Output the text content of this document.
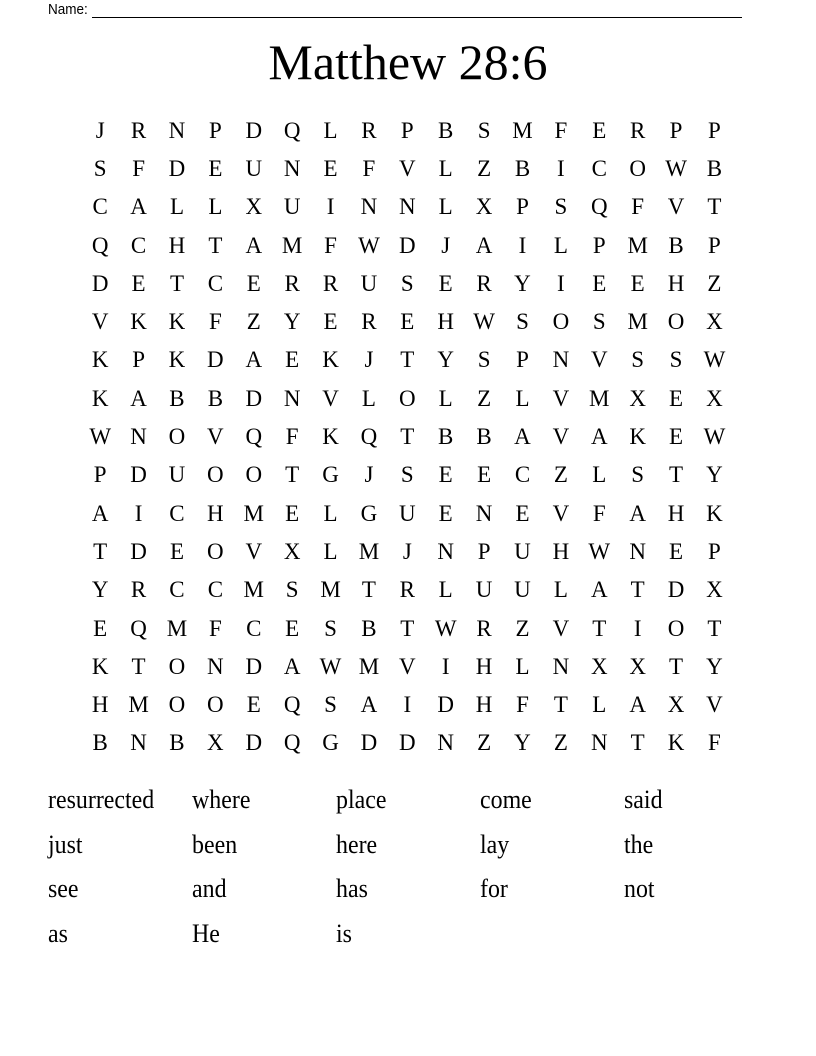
Name:
Matthew 28:6
J	R N	P	D Q	L	R	P	B	S M F	E	R	P	P
S	F	D	E	U N	E	F	V	L	Z	B	I	C O W B
C A	L	L	X U	I	N N	L	X	P	S	Q	F	V	T
Q C H	T	A M F W D	J	A	I	L	P M B	P
D	E	T	C	E	R	R U	S	E	R Y	I	E	E	H	Z
V K K	F	Z	Y	E	R	E	H W S	O	S M O X
K	P	K D A	E	K	J	T	Y	S	P	N V	S	S W
K A B	B D N V	L	O	L	Z	L	V M X	E	X
W N O V Q	F	K Q	T	B	B A V A K	E W
P	D U O O	T	G	J	S	E	E	C	Z	L	S	T	Y
A	I	C H M E	L	G U	E	N	E	V	F	A H K
T	D	E	O V X	L M	J	N	P	U H W N	E	P
Y R	C	C M S M T	R	L	U U	L	A	T	D X
E	Q M F	C	E	S	B	T W R	Z	V	T	I	O	T
K	T	O N D A W M V	I	H	L	N X X	T	Y
H M O O	E	Q	S	A	I	D H	F	T	L	A X V
B N B X D Q G D D N	Z	Y	Z	N	T	K	F
resurrected	where	place	come	said
just	been	here	lay	the
see	and	has	for	not
as	He	is
